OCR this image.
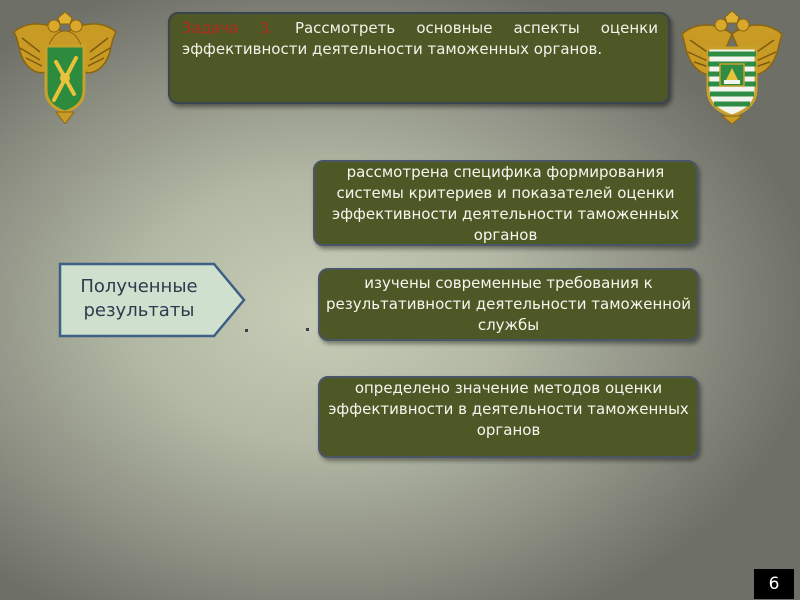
Задача 3. Рассмотреть основные аспекты оценки эффективности деятельности таможенных органов.
Полученные результаты
рассмотрена специфика формирования системы критериев и показателей оценки эффективности деятельности таможенных органов
изучены современные требования к результативности деятельности таможенной службы
определено значение методов оценки эффективности в деятельности таможенных органов
6
